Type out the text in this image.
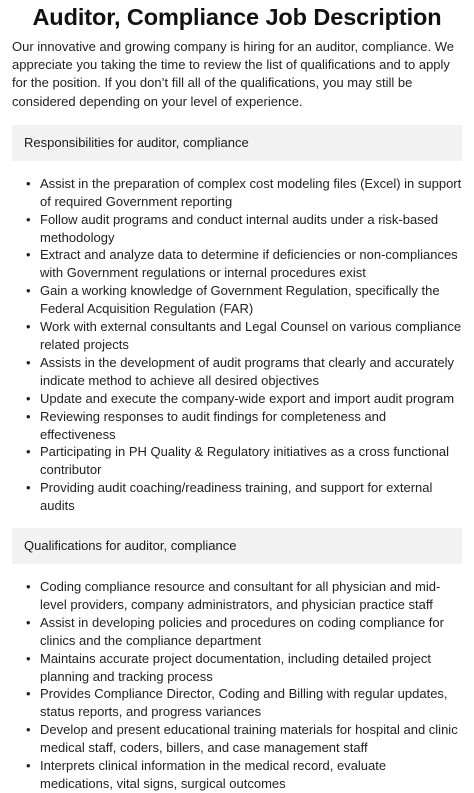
Auditor, Compliance Job Description

Our innovative and growing company is hiring for an auditor, compliance. We appreciate you taking the time to review the list of qualifications and to apply for the position. If you don’t fill all of the qualifications, you may still be considered depending on your level of experience.

Responsibilities for auditor, compliance
• Assist in the preparation of complex cost modeling files (Excel) in support of required Government reporting
• Follow audit programs and conduct internal audits under a risk-based methodology
• Extract and analyze data to determine if deficiencies or non-compliances with Government regulations or internal procedures exist
• Gain a working knowledge of Government Regulation, specifically the Federal Acquisition Regulation (FAR)
• Work with external consultants and Legal Counsel on various compliance related projects
• Assists in the development of audit programs that clearly and accurately indicate method to achieve all desired objectives
• Update and execute the company-wide export and import audit program
• Reviewing responses to audit findings for completeness and effectiveness
• Participating in PH Quality & Regulatory initiatives as a cross functional contributor
• Providing audit coaching/readiness training, and support for external audits
Qualifications for auditor, compliance
• Coding compliance resource and consultant for all physician and mid-level providers, company administrators, and physician practice staff
• Assist in developing policies and procedures on coding compliance for clinics and the compliance department
• Maintains accurate project documentation, including detailed project planning and tracking process
• Provides Compliance Director, Coding and Billing with regular updates, status reports, and progress variances
• Develop and present educational training materials for hospital and clinic medical staff, coders, billers, and case management staff
• Interprets clinical information in the medical record, evaluate medications, vital signs, surgical outcomes
